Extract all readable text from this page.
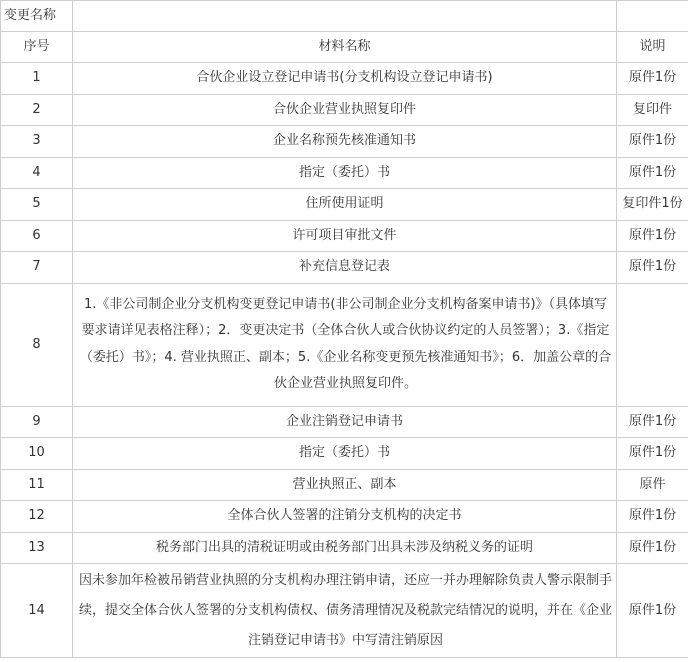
变更名称		
序号	材料名称	说明
1	合伙企业设立登记申请书(分支机构设立登记申请书)	原件1份
2	合伙企业营业执照复印件	复印件
3	企业名称预先核准通知书	原件1份
4	指定（委托）书	原件1份
5	住所使用证明	复印件1份
6	许可项目审批文件	原件1份
7	补充信息登记表	原件1份
8	1.《非公司制企业分支机构变更登记申请书(非公司制企业分支机构备案申请书)》（具体填写要求请详见表格注释）；2．变更决定书（全体合伙人或合伙协议约定的人员签署）；3.《指定（委托）书》；4. 营业执照正、副本；5.《企业名称变更预先核准通知书》；6．加盖公章的合伙企业营业执照复印件。	
9	企业注销登记申请书	原件1份
10	指定（委托）书	原件1份
11	营业执照正、副本	原件
12	全体合伙人签署的注销分支机构的决定书	原件1份
13	税务部门出具的清税证明或由税务部门出具未涉及纳税义务的证明	原件1份
14	因未参加年检被吊销营业执照的分支机构办理注销申请，还应一并办理解除负责人警示限制手续，提交全体合伙人签署的分支机构债权、债务清理情况及税款完结情况的说明，并在《企业注销登记申请书》中写清注销原因	原件1份
